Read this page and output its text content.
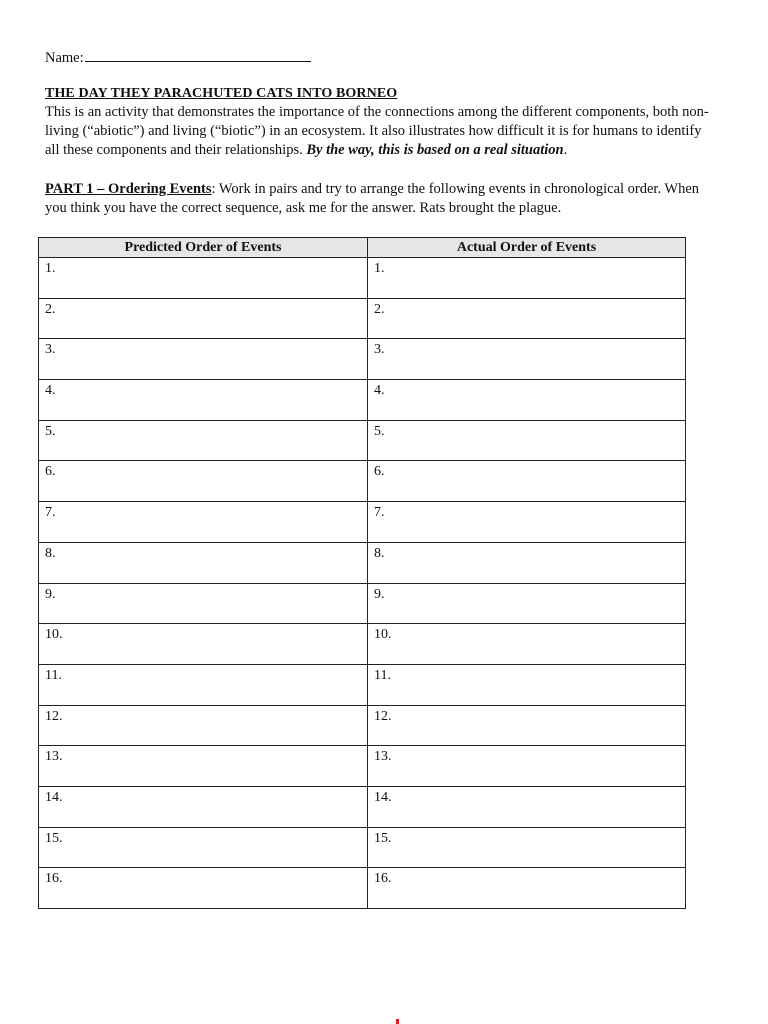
Name:
THE DAY THEY PARACHUTED CATS INTO BORNEO

This is an activity that demonstrates the importance of the connections among the different components, both non-living (“abiotic”) and living (“biotic”) in an ecosystem. It also illustrates how difficult it is for humans to identify all these components and their relationships. By the way, this is based on a real situation.

PART 1 – Ordering Events: Work in pairs and try to arrange the following events in chronological order. When you think you have the correct sequence, ask me for the answer. Rats brought the plague.

Predicted Order of Events	Actual Order of Events
1.	1.
2.	2.
3.	3.
4.	4.
5.	5.
6.	6.
7.	7.
8.	8.
9.	9.
10.	10.
11.	11.
12.	12.
13.	13.
14.	14.
15.	15.
16.	16.
